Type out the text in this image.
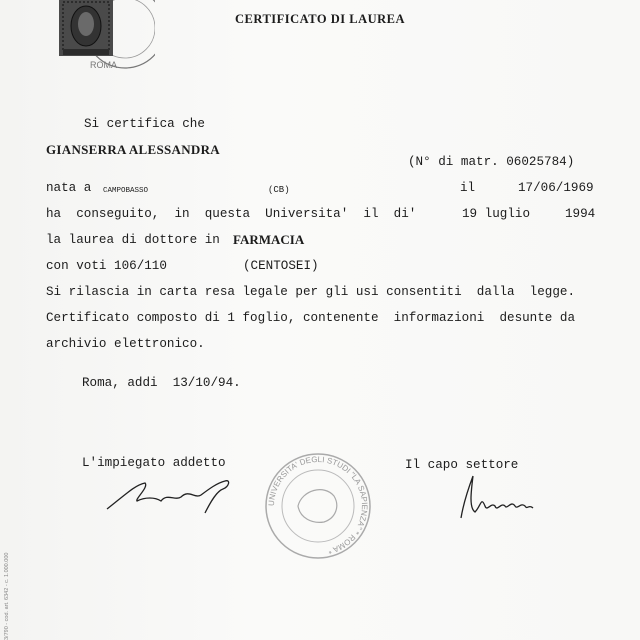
ROMA
CERTIFICATO DI LAUREA
Si certifica che
GIANSERRA ALESSANDRA
(N° di matr. 06025784)
nata a CAMPOBASSO	(CB)	il	17/06/1969
ha  conseguito,  in  questa  Universita'  il  di'	19 luglio	1994
la laurea di dottore in FARMACIA
con voti 106/110	(CENTOSEI)
Si rilascia in carta resa legale per gli usi consentiti  dalla  legge.
Certificato composto di 1 foglio, contenente  informazioni  desunte da
archivio elettronico.
Roma, addi  13/10/94.
L'impiegato addetto
UNIVERSITA' DEGLI STUDI "LA SAPIENZA" * ROMA *
Il capo settore
3/790 - cod. art. 6342 - c. 1.000.000
